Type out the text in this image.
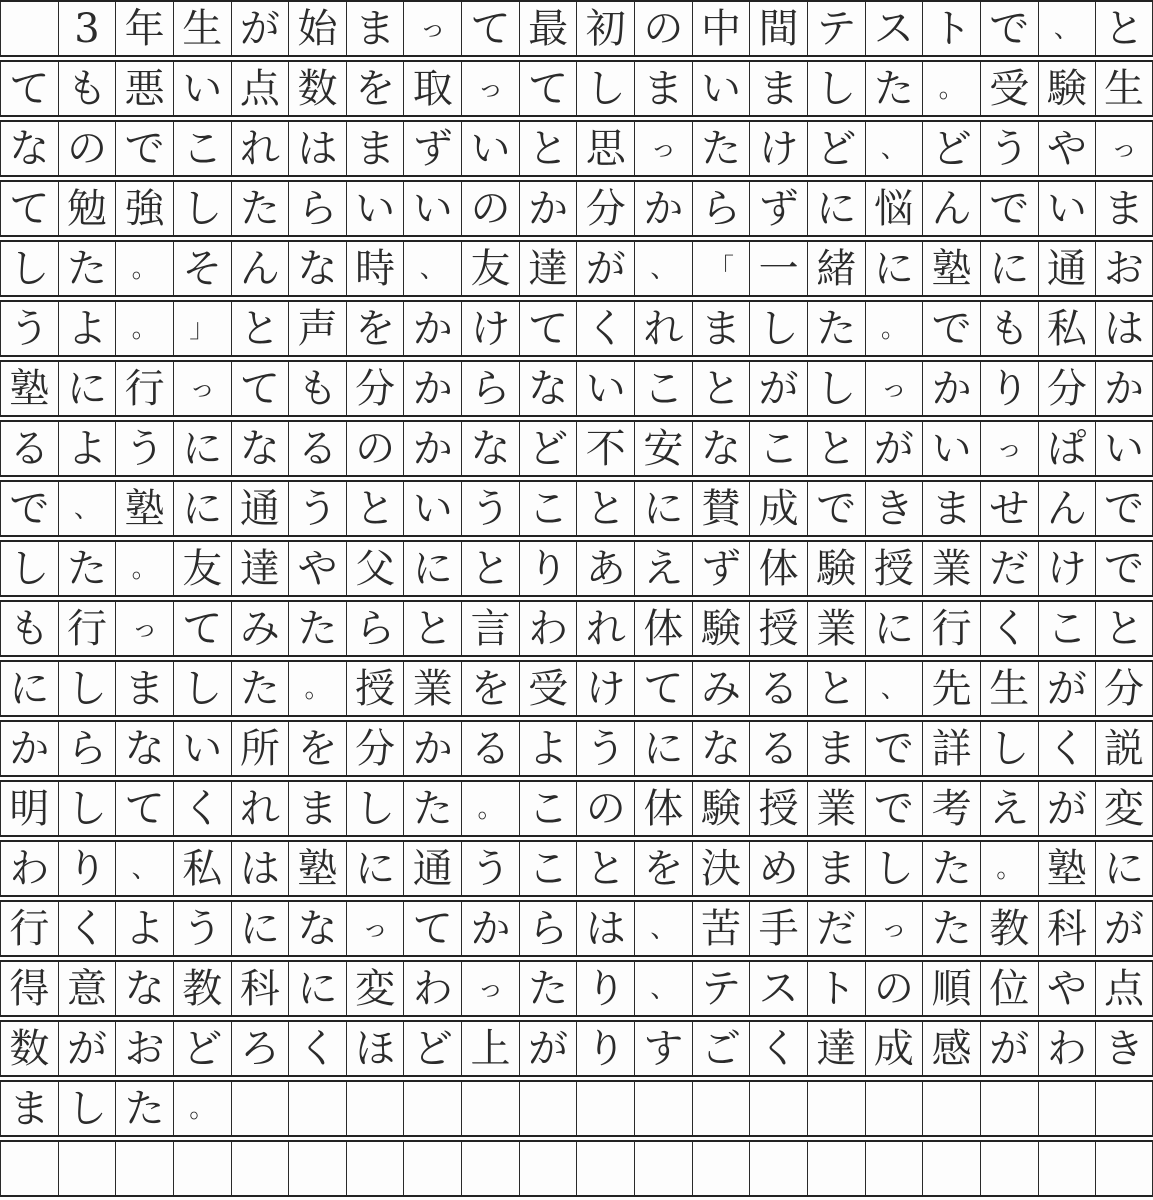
3 年 生 が 始 ま っ て 最 初 の 中 間 テ ス ト で 、 と
て も 悪 い 点 数 を 取 っ て し ま い ま し た 。 受 験 生
な の で こ れ は ま ず い と 思 っ た け ど 、 ど う や っ
て 勉 強 し た ら い い の か 分 か ら ず に 悩 ん で い ま
し た 。 そ ん な 時 、 友 達 が 、	「 一 緒 に 塾 に 通 お
う よ 。	」 と 声 を か け て く れ ま し た 。 で も 私 は
塾 に 行 っ て も 分 か ら な い こ と が し っ か り 分 か
る よ う に な る の か な ど 不 安 な こ と が い っ ぱ い
で 、 塾 に 通 う と い う こ と に 賛 成 で き ま せ ん で
し た 。 友 達 や 父 に と り あ え ず 体 験 授 業 だ け で
も 行 っ て み た ら と 言 わ れ 体 験 授 業 に 行 く こ と
に し ま し た 。 授 業 を 受 け て み る と 、 先 生 が 分
か ら な い 所 を 分 か る よ う に な る ま で 詳 し く 説
明 し て く れ ま し た 。 こ の 体 験 授 業 で 考 え が 変
わ り 、 私 は 塾 に 通 う こ と を 決 め ま し た 。 塾 に
行 く よ う に な っ て か ら は 、 苦 手 だ っ た 教 科 が
得 意 な 教 科 に 変 わ っ た り 、 テ ス ト の 順 位 や 点
数 が お ど ろ く ほ ど 上 が り す ご く 達 成 感 が わ き
ま し た 。
